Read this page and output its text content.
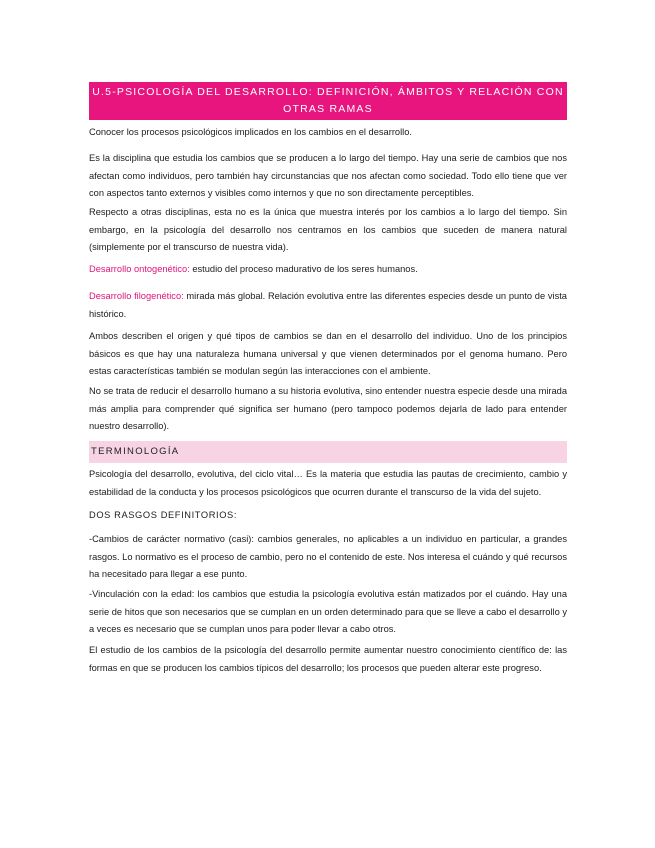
U.5-PSICOLOGÍA DEL DESARROLLO: DEFINICIÓN, ÁMBITOS Y RELACIÓN CON OTRAS RAMAS

Conocer los procesos psicológicos implicados en los cambios en el desarrollo.

Es la disciplina que estudia los cambios que se producen a lo largo del tiempo. Hay una serie de cambios que nos afectan como individuos, pero también hay circunstancias que nos afectan como sociedad. Todo ello tiene que ver con aspectos tanto externos y visibles como internos y que no son directamente perceptibles.

Respecto a otras disciplinas, esta no es la única que muestra interés por los cambios a lo largo del tiempo. Sin embargo, en la psicología del desarrollo nos centramos en los cambios que suceden de manera natural (simplemente por el transcurso de nuestra vida).

Desarrollo ontogenético: estudio del proceso madurativo de los seres humanos.

Desarrollo filogenético: mirada más global. Relación evolutiva entre las diferentes especies desde un punto de vista histórico.

Ambos describen el origen y qué tipos de cambios se dan en el desarrollo del individuo. Uno de los principios básicos es que hay una naturaleza humana universal y que vienen determinados por el genoma humano. Pero estas características también se modulan según las interacciones con el ambiente.

No se trata de reducir el desarrollo humano a su historia evolutiva, sino entender nuestra especie desde una mirada más amplia para comprender qué significa ser humano (pero tampoco podemos dejarla de lado para entender nuestro desarrollo).

TERMINOLOGÍA

Psicología del desarrollo, evolutiva, del ciclo vital… Es la materia que estudia las pautas de crecimiento, cambio y estabilidad de la conducta y los procesos psicológicos que ocurren durante el transcurso de la vida del sujeto.

DOS RASGOS DEFINITORIOS:

-Cambios de carácter normativo (casi): cambios generales, no aplicables a un individuo en particular, a grandes rasgos. Lo normativo es el proceso de cambio, pero no el contenido de este. Nos interesa el cuándo y qué recursos ha necesitado para llegar a ese punto.

-Vinculación con la edad: los cambios que estudia la psicología evolutiva están matizados por el cuándo. Hay una serie de hitos que son necesarios que se cumplan en un orden determinado para que se lleve a cabo el desarrollo y a veces es necesario que se cumplan unos para poder llevar a cabo otros.

El estudio de los cambios de la psicología del desarrollo permite aumentar nuestro conocimiento científico de: las formas en que se producen los cambios típicos del desarrollo; los procesos que pueden alterar este progreso.
